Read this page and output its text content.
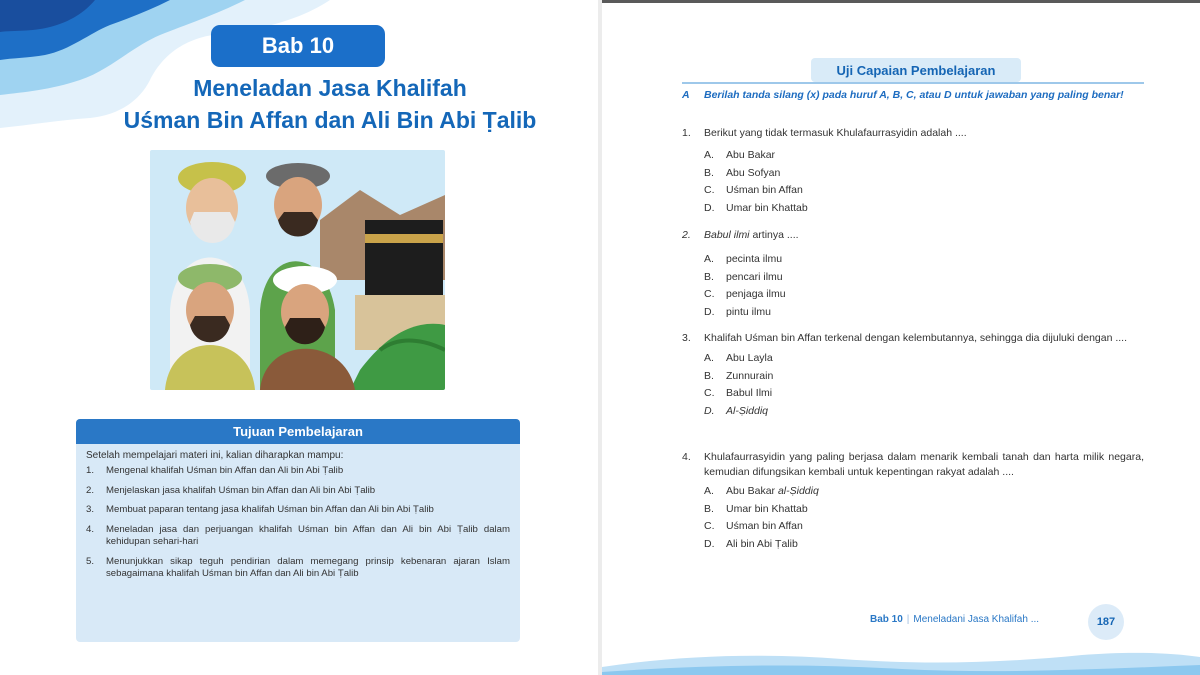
Bab 10
Meneladan Jasa Khalifah
Uśman Bin Affan dan Ali Bin Abi Ṭalib
Tujuan Pembelajaran
Setelah mempelajari materi ini, kalian diharapkan mampu:
1.	Mengenal khalifah Uśman bin Affan dan Ali bin Abi Ṭalib
2.	Menjelaskan jasa khalifah Uśman bin Affan dan Ali bin Abi Ṭalib
3.	Membuat paparan tentang jasa khalifah Uśman bin Affan dan Ali bin Abi Ṭalib
4.	Meneladan jasa dan perjuangan khalifah Uśman bin Affan dan Ali bin Abi Ṭalib dalam kehidupan sehari-hari
5.	Menunjukkan sikap teguh pendirian dalam memegang prinsip kebenaran ajaran Islam sebagaimana khalifah Uśman bin Affan dan Ali bin Abi Ṭalib
Uji Capaian Pembelajaran
A	Berilah tanda silang (x) pada huruf A, B, C, atau D untuk jawaban yang paling benar!
1.	Berikut yang tidak termasuk Khulafaurrasyidin adalah ....
A.	Abu Bakar
B.	Abu Sofyan
C.	Uśman bin Affan
D.	Umar bin Khattab
2.	Babul ilmi artinya ....
A.	pecinta ilmu
B.	pencari ilmu
C.	penjaga ilmu
D.	pintu ilmu
3.	Khalifah Uśman bin Affan terkenal dengan kelembutannya, sehingga dia dijuluki dengan ....
A.	Abu Layla
B.	Zunnurain
C.	Babul Ilmi
D.	Al-Ṣiddiq
4.	Khulafaurrasyidin yang paling berjasa dalam menarik kembali tanah dan harta milik negara, kemudian difungsikan kembali untuk kepentingan rakyat adalah ....
A.	Abu Bakar al-Ṣiddiq
B.	Umar bin Khattab
C.	Uśman bin Affan
D.	Ali bin Abi Ṭalib
Bab 10 | Meneladani Jasa Khalifah ...	187
